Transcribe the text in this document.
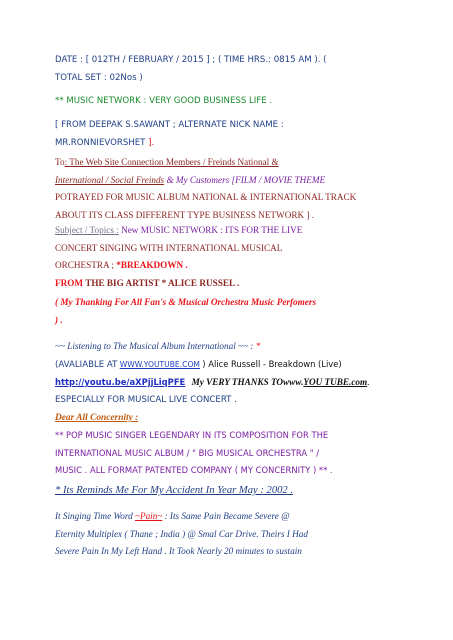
DATE : [ 012TH / FEBRUARY / 2015 ] ; ( TIME HRS.: 0815 AM ). (
TOTAL SET : 02Nos )
** MUSIC NETWORK : VERY GOOD BUSINESS LIFE .
[ FROM DEEPAK S.SAWANT ; ALTERNATE NICK NAME :
MR.RONNIEVORSHET ].
To: The Web Site Connection Members / Freinds National &
International / Social Freinds & My Customers [FILM / MOVIE THEME
POTRAYED FOR MUSIC ALBUM NATIONAL & INTERNATIONAL TRACK
ABOUT ITS CLASS DIFFERENT TYPE BUSINESS NETWORK ] .
Subject / Topics : New MUSIC NETWORK : ITS FOR THE LIVE
CONCERT SINGING WITH INTERNATIONAL MUSICAL
ORCHESTRA ; *BREAKDOWN .
FROM THE BIG ARTIST * ALICE RUSSEL .
( My Thanking For All Fan's & Musical Orchestra Music Perfomers
) .
~~ Listening to The Musical Album International ~~ : *
(AVALIABLE AT WWW.YOUTUBE.COM ) Alice Russell - Breakdown (Live)
http://youtu.be/aXPjjLiqPFE My VERY THANKS TOwww.YOU TUBE.com.
ESPECIALLY FOR MUSICAL LIVE CONCERT .
Dear All Concernity :
** POP MUSIC SINGER LEGENDARY IN ITS COMPOSITION FOR THE
INTERNATIONAL MUSIC ALBUM / " BIG MUSICAL ORCHESTRA " /
MUSIC . ALL FORMAT PATENTED COMPANY ( MY CONCERNITY ) ** .
* Its Reminds Me For My Accident In Year May : 2002 .
It Singing Time Word ~Pain~ : Its Same Pain Became Severe @
Eternity Multiplex ( Thane ; India ) @ Smal Car Drive. Theirs I Had
Severe Pain In My Left Hand . It Took Nearly 20 minutes to sustain
